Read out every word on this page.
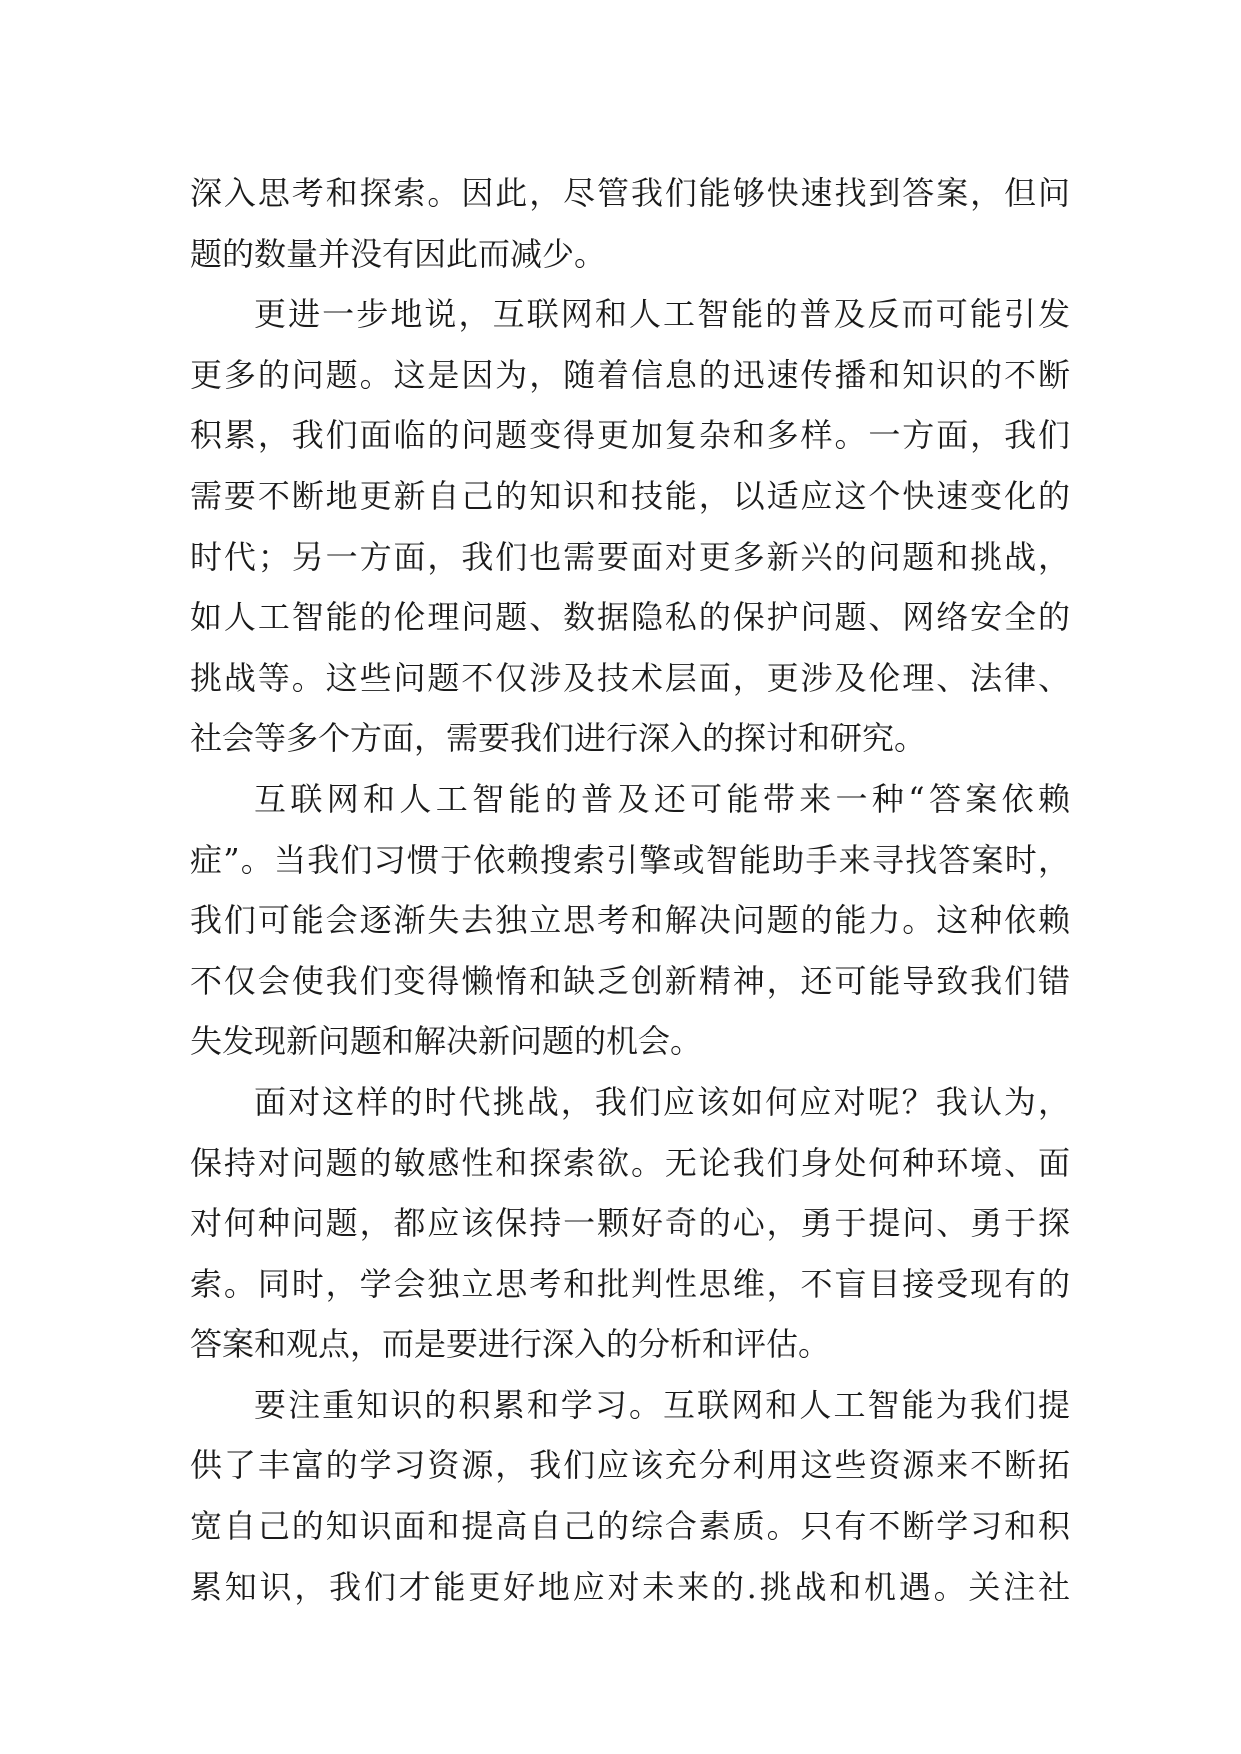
深入思考和探索。因此，尽管我们能够快速找到答案，但问
题的数量并没有因此而减少。
更进一步地说，互联网和人工智能的普及反而可能引发
更多的问题。这是因为，随着信息的迅速传播和知识的不断
积累，我们面临的问题变得更加复杂和多样。一方面，我们
需要不断地更新自己的知识和技能，以适应这个快速变化的
时代；另一方面，我们也需要面对更多新兴的问题和挑战，
如人工智能的伦理问题、数据隐私的保护问题、网络安全的
挑战等。这些问题不仅涉及技术层面，更涉及伦理、法律、
社会等多个方面，需要我们进行深入的探讨和研究。
互联网和人工智能的普及还可能带来一种“答案依赖
症”。当我们习惯于依赖搜索引擎或智能助手来寻找答案时，
我们可能会逐渐失去独立思考和解决问题的能力。这种依赖
不仅会使我们变得懒惰和缺乏创新精神，还可能导致我们错
失发现新问题和解决新问题的机会。
面对这样的时代挑战，我们应该如何应对呢？我认为，
保持对问题的敏感性和探索欲。无论我们身处何种环境、面
对何种问题，都应该保持一颗好奇的心，勇于提问、勇于探
索。同时，学会独立思考和批判性思维，不盲目接受现有的
答案和观点，而是要进行深入的分析和评估。
要注重知识的积累和学习。互联网和人工智能为我们提
供了丰富的学习资源，我们应该充分利用这些资源来不断拓
宽自己的知识面和提高自己的综合素质。只有不断学习和积
累知识，我们才能更好地应对未来的.挑战和机遇。关注社
